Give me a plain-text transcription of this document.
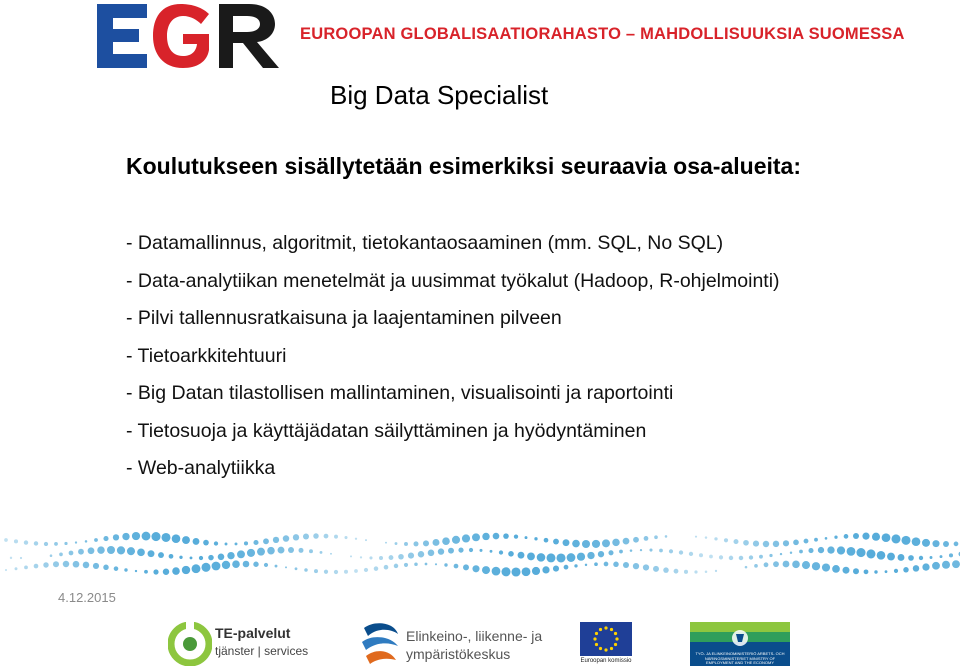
EUROOPAN GLOBALISAATIORAHASTO – MAHDOLLISUUKSIA SUOMESSA
Big Data Specialist
Koulutukseen sisällytetään esimerkiksi seuraavia osa-alueita:
- Datamallinnus, algoritmit, tietokantaosaaminen (mm. SQL, No SQL)
- Data-analytiikan menetelmät ja uusimmat työkalut (Hadoop, R-ohjelmointi)
- Pilvi tallennusratkaisuna ja laajentaminen pilveen
- Tietoarkkitehtuuri
- Big Datan tilastollisen mallintaminen, visualisointi ja raportointi
- Tietosuoja ja käyttäjädatan säilyttäminen ja hyödyntäminen
- Web-analytiikka
4.12.2015
TE-palvelut
tjänster | services
Elinkeino-, liikenne- ja
ympäristökeskus	Euroopan komissio
TYÖ- JA ELINKEINOMINISTERIÖ ARBETS- OCH NÄRINGSMINISTERIET MINISTRY OF EMPLOYMENT AND THE ECONOMY
